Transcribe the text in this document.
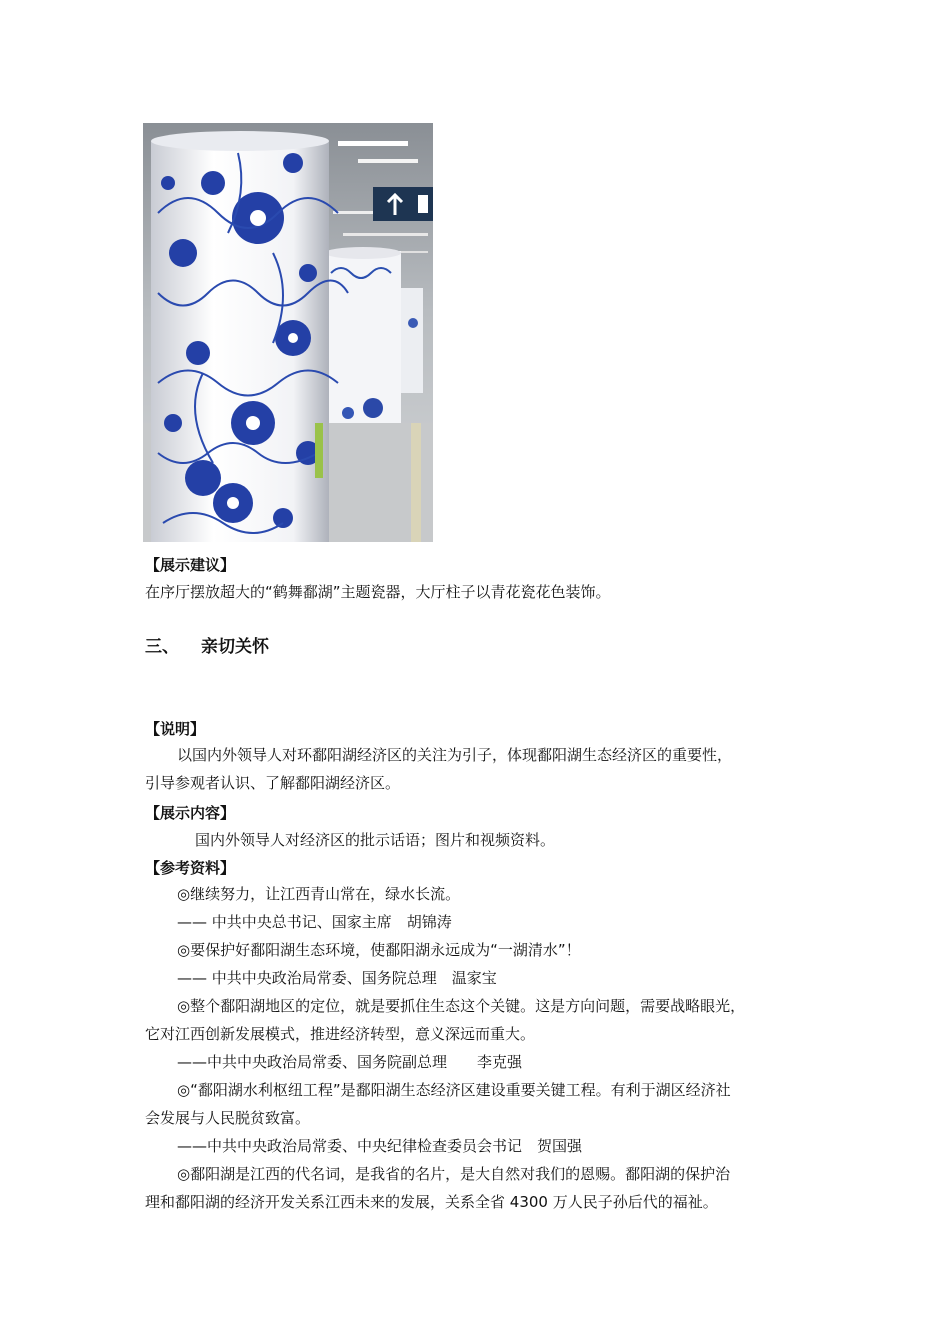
【展示建议】
在序厅摆放超大的“鹤舞鄱湖”主题瓷器，大厅柱子以青花瓷花色装饰。
三、 亲切关怀
【说明】
以国内外领导人对环鄱阳湖经济区的关注为引子，体现鄱阳湖生态经济区的重要性，
引导参观者认识、了解鄱阳湖经济区。
【展示内容】
国内外领导人对经济区的批示话语；图片和视频资料。
【参考资料】
◎继续努力，让江西青山常在，绿水长流。
—— 中共中央总书记、国家主席　胡锦涛
◎要保护好鄱阳湖生态环境，使鄱阳湖永远成为“一湖清水”！
—— 中共中央政治局常委、国务院总理　温家宝
◎整个鄱阳湖地区的定位，就是要抓住生态这个关键。这是方向问题，需要战略眼光，
它对江西创新发展模式，推进经济转型，意义深远而重大。
——中共中央政治局常委、国务院副总理　　李克强
◎“鄱阳湖水利枢纽工程”是鄱阳湖生态经济区建设重要关键工程。有利于湖区经济社
会发展与人民脱贫致富。
——中共中央政治局常委、中央纪律检查委员会书记　贺国强
◎鄱阳湖是江西的代名词，是我省的名片，是大自然对我们的恩赐。鄱阳湖的保护治
理和鄱阳湖的经济开发关系江西未来的发展，关系全省 4300 万人民子孙后代的福祉。
